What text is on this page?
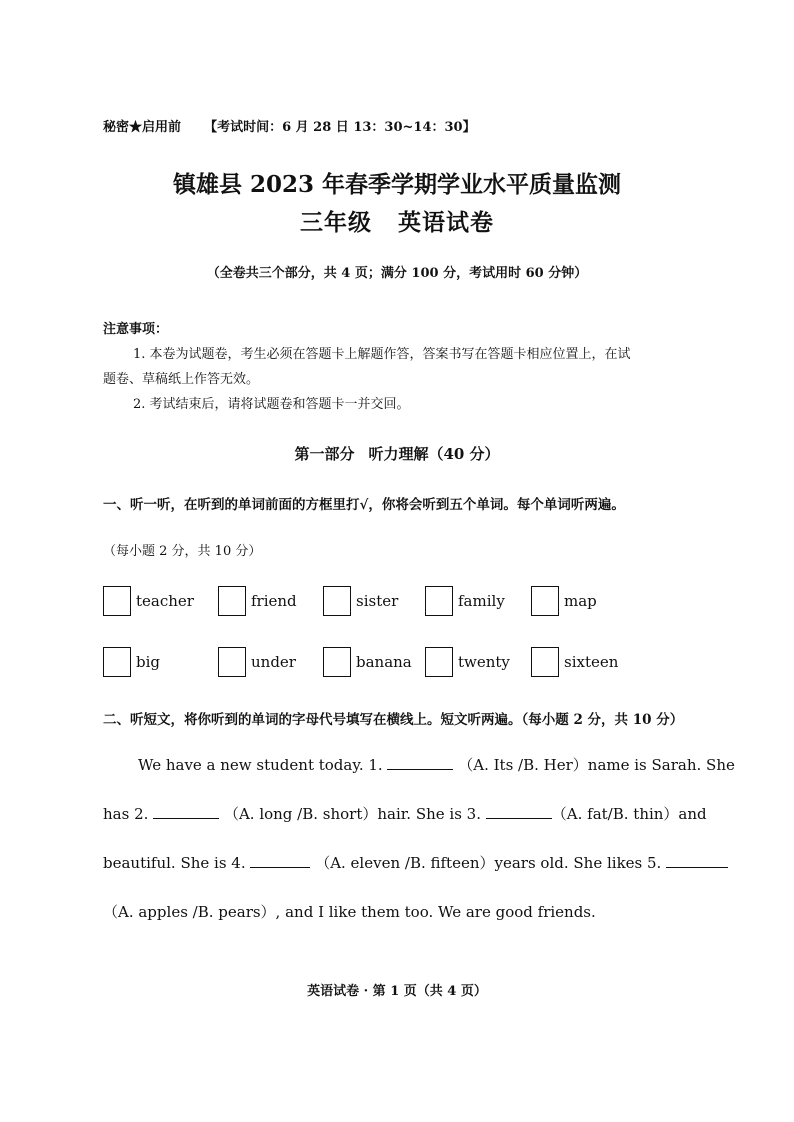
秘密★启用前 【考试时间：6 月 28 日 13：30~14：30】
镇雄县 2023 年春季学期学业水平质量监测
三年级 英语试卷
（全卷共三个部分，共 4 页；满分 100 分，考试用时 60 分钟）
注意事项：
1. 本卷为试题卷，考生必须在答题卡上解题作答，答案书写在答题卡相应位置上，在试
题卷、草稿纸上作答无效。
2. 考试结束后，请将试题卷和答题卡一并交回。
第一部分 听力理解（40 分）
一、听一听，在听到的单词前面的方框里打√，你将会听到五个单词。每个单词听两遍。
（每小题 2 分，共 10 分）
teacher	friend	sister	family	map
big	under	banana	twenty	sixteen
二、听短文，将你听到的单词的字母代号填写在横线上。短文听两遍。（每小题 2 分，共 10 分）
We have a new student today. 1.	（A. Its /B. Her）name is Sarah. She
has 2.	（A. long /B. short）hair. She is 3.	（A. fat/B. thin）and
beautiful. She is 4.	（A. eleven /B. fifteen）years old. She likes 5.
（A. apples /B. pears）, and I like them too. We are good friends.
英语试卷 · 第 1 页（共 4 页）
